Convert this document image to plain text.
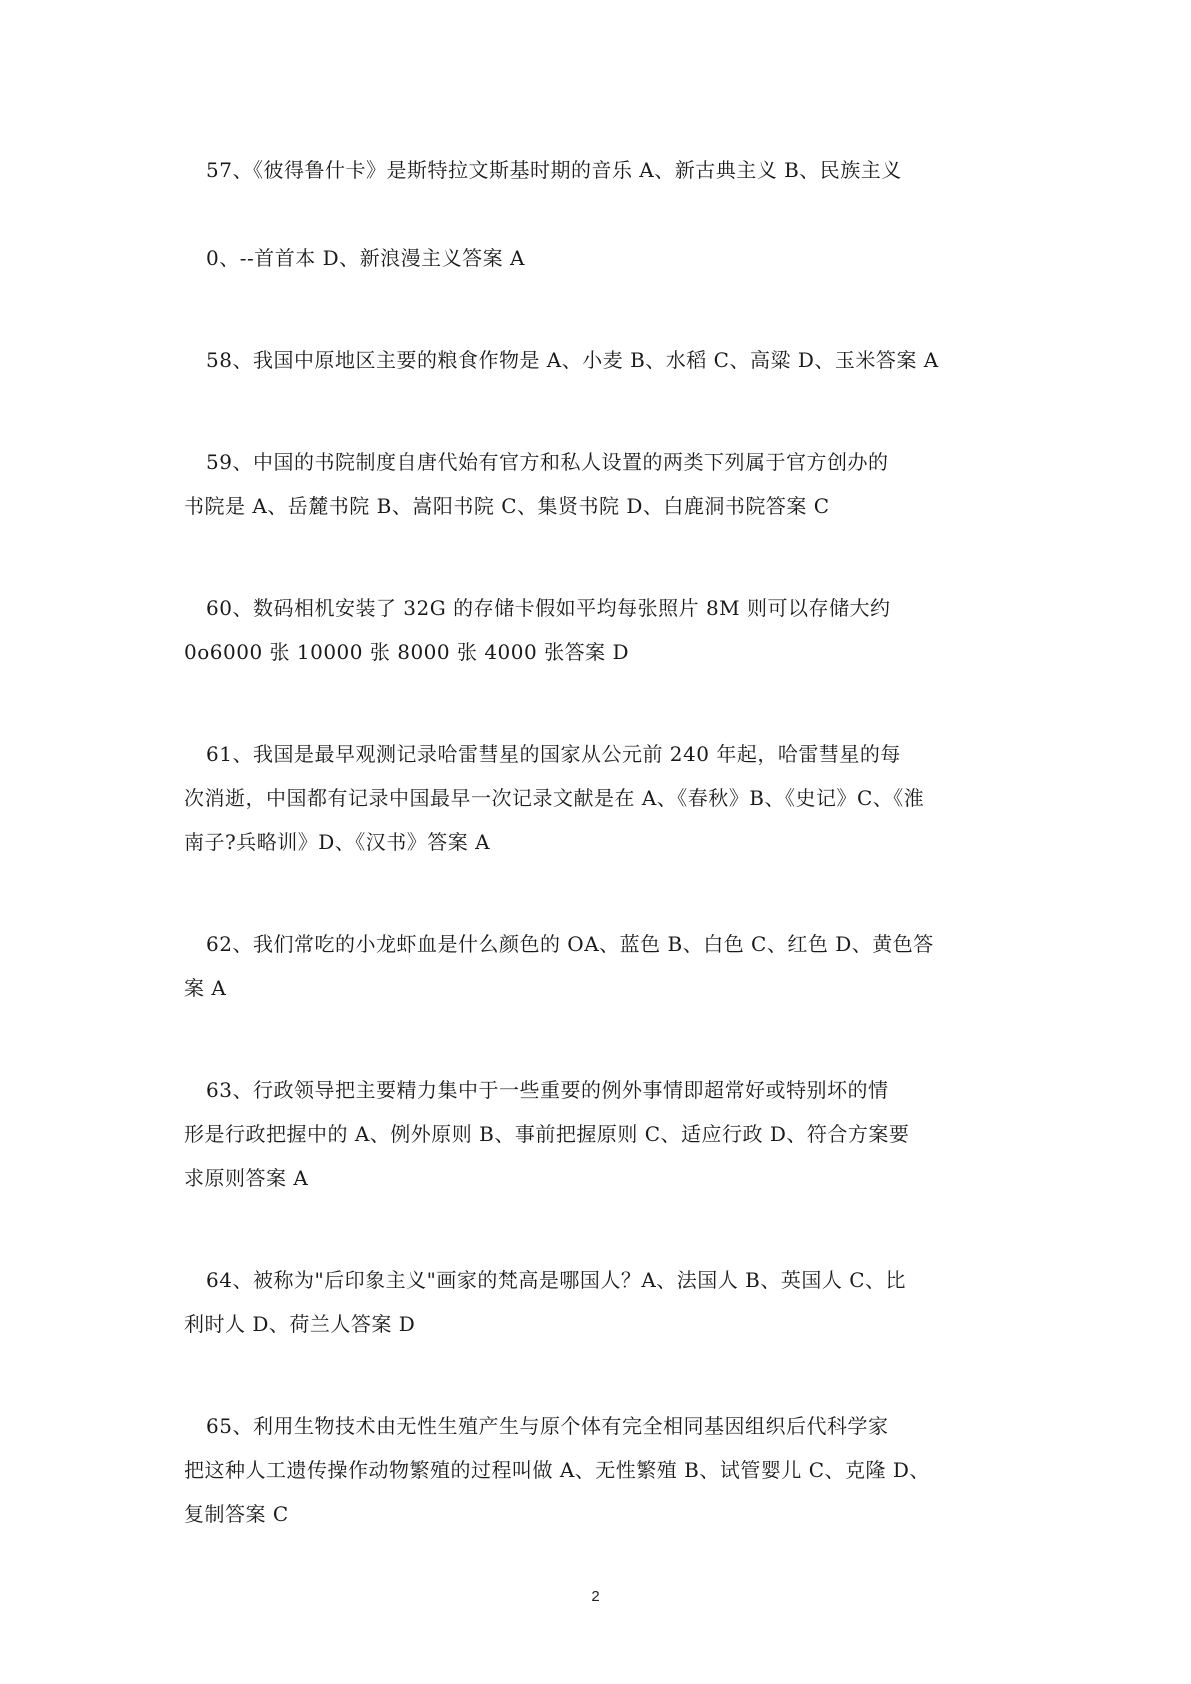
57、《彼得鲁什卡》是斯特拉文斯基时期的音乐 A、新古典主义 B、民族主义
0、--首首本 D、新浪漫主义答案 A
58、我国中原地区主要的粮食作物是 A、小麦 B、水稻 C、高粱 D、玉米答案 A
59、中国的书院制度自唐代始有官方和私人设置的两类下列属于官方创办的
书院是 A、岳麓书院 B、嵩阳书院 C、集贤书院 D、白鹿洞书院答案 C
60、数码相机安装了 32G 的存储卡假如平均每张照片 8M 则可以存储大约
0o6000 张 10000 张 8000 张 4000 张答案 D
61、我国是最早观测记录哈雷彗星的国家从公元前 240 年起，哈雷彗星的每
次消逝，中国都有记录中国最早一次记录文献是在 A、《春秋》B、《史记》C、《淮
南子?兵略训》D、《汉书》答案 A
62、我们常吃的小龙虾血是什么颜色的 OA、蓝色 B、白色 C、红色 D、黄色答
案 A
63、行政领导把主要精力集中于一些重要的例外事情即超常好或特别坏的情
形是行政把握中的 A、例外原则 B、事前把握原则 C、适应行政 D、符合方案要
求原则答案 A
64、被称为"后印象主义"画家的梵高是哪国人？A、法国人 B、英国人 C、比
利时人 D、荷兰人答案 D
65、利用生物技术由无性生殖产生与原个体有完全相同基因组织后代科学家
把这种人工遗传操作动物繁殖的过程叫做 A、无性繁殖 B、试管婴儿 C、克隆 D、
复制答案 C
2
